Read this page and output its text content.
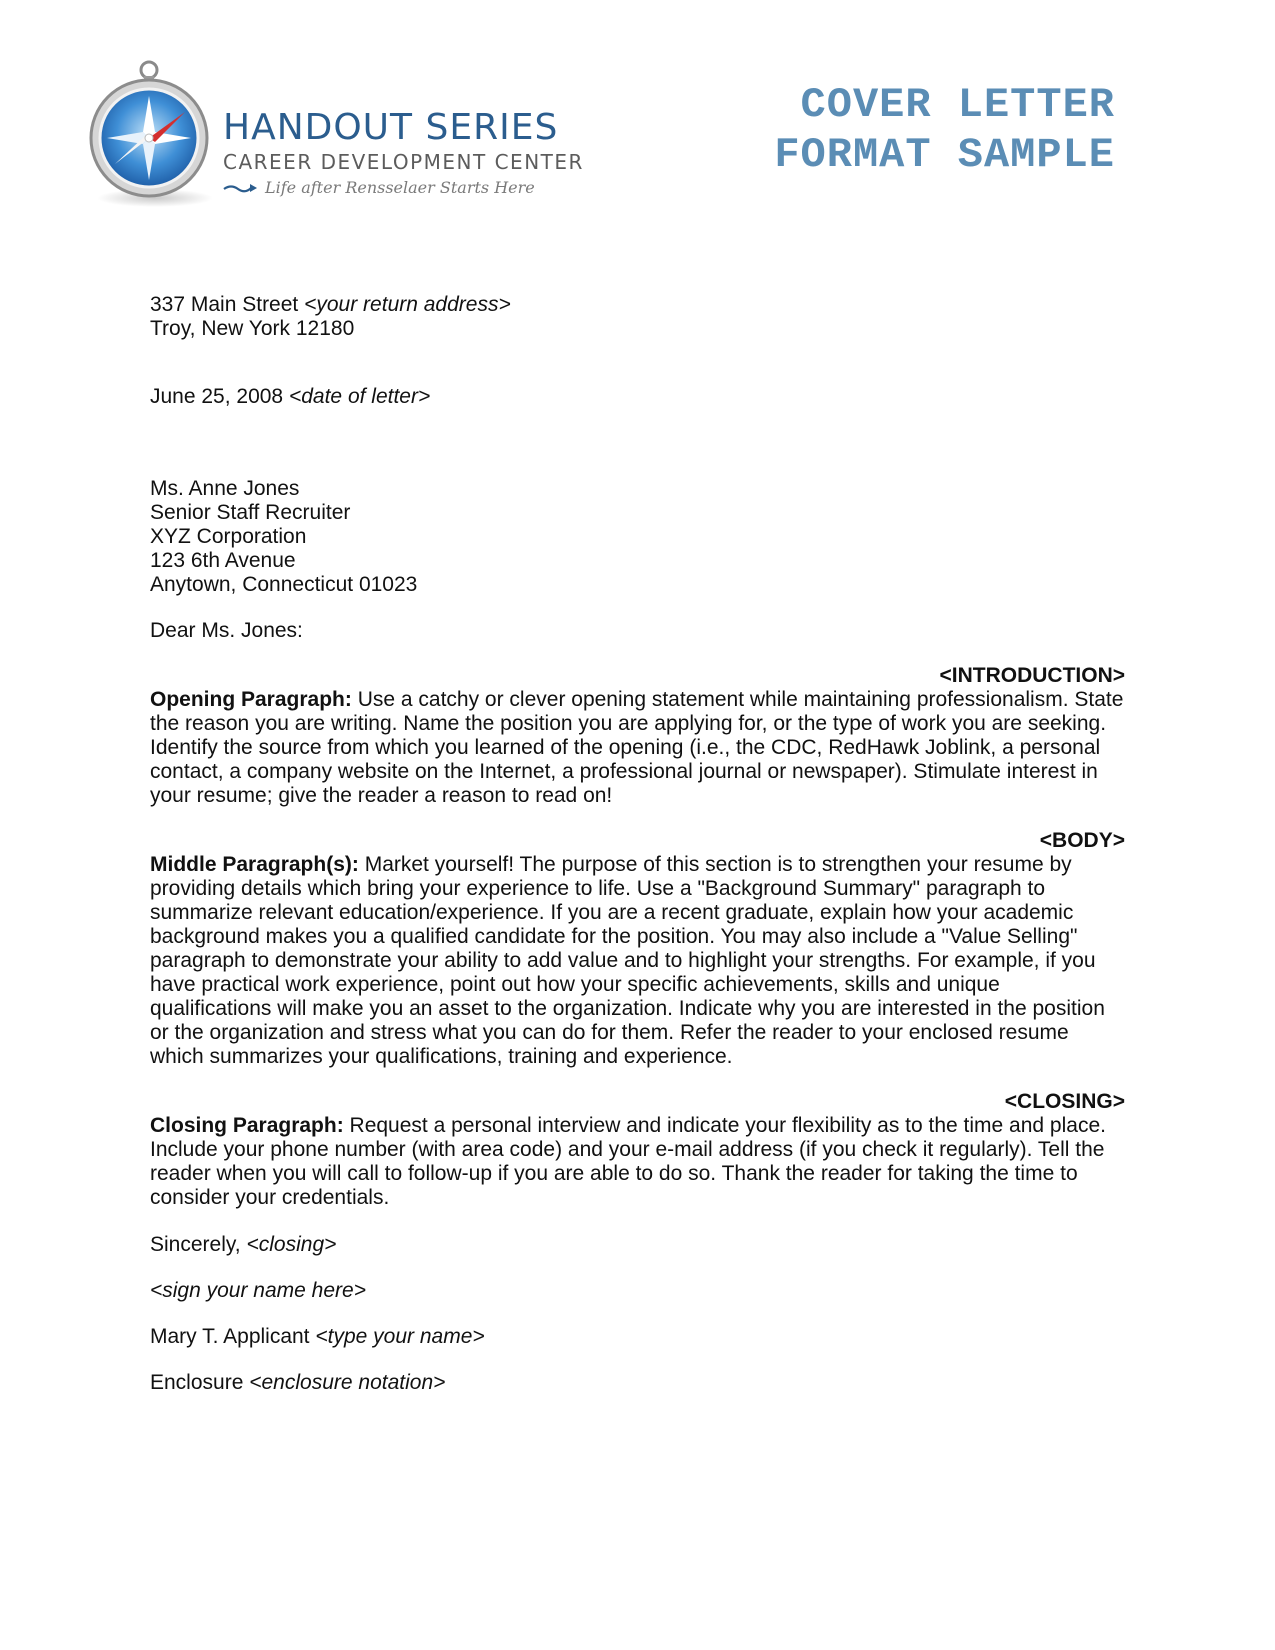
HANDOUT SERIES
CAREER DEVELOPMENT CENTER
Life after Rensselaer Starts Here
COVER LETTER
FORMAT SAMPLE
337 Main Street <your return address>
Troy, New York 12180
June 25, 2008 <date of letter>
Ms. Anne Jones
Senior Staff Recruiter
XYZ Corporation
123 6th Avenue
Anytown, Connecticut 01023
Dear Ms. Jones:
<INTRODUCTION>

Opening Paragraph: Use a catchy or clever opening statement while maintaining professionalism. State the reason you are writing. Name the position you are applying for, or the type of work you are seeking. Identify the source from which you learned of the opening (i.e., the CDC, RedHawk Joblink, a personal contact, a company website on the Internet, a professional journal or newspaper). Stimulate interest in your resume; give the reader a reason to read on!

<BODY>

Middle Paragraph(s): Market yourself! The purpose of this section is to strengthen your resume by providing details which bring your experience to life. Use a "Background Summary" paragraph to summarize relevant education/experience. If you are a recent graduate, explain how your academic background makes you a qualified candidate for the position. You may also include a "Value Selling" paragraph to demonstrate your ability to add value and to highlight your strengths. For example, if you have practical work experience, point out how your specific achievements, skills and unique qualifications will make you an asset to the organization. Indicate why you are interested in the position or the organization and stress what you can do for them. Refer the reader to your enclosed resume which summarizes your qualifications, training and experience.

<CLOSING>

Closing Paragraph: Request a personal interview and indicate your flexibility as to the time and place. Include your phone number (with area code) and your e-mail address (if you check it regularly). Tell the reader when you will call to follow-up if you are able to do so. Thank the reader for taking the time to consider your credentials.

Sincerely, <closing>
<sign your name here>
Mary T. Applicant <type your name>
Enclosure <enclosure notation>
